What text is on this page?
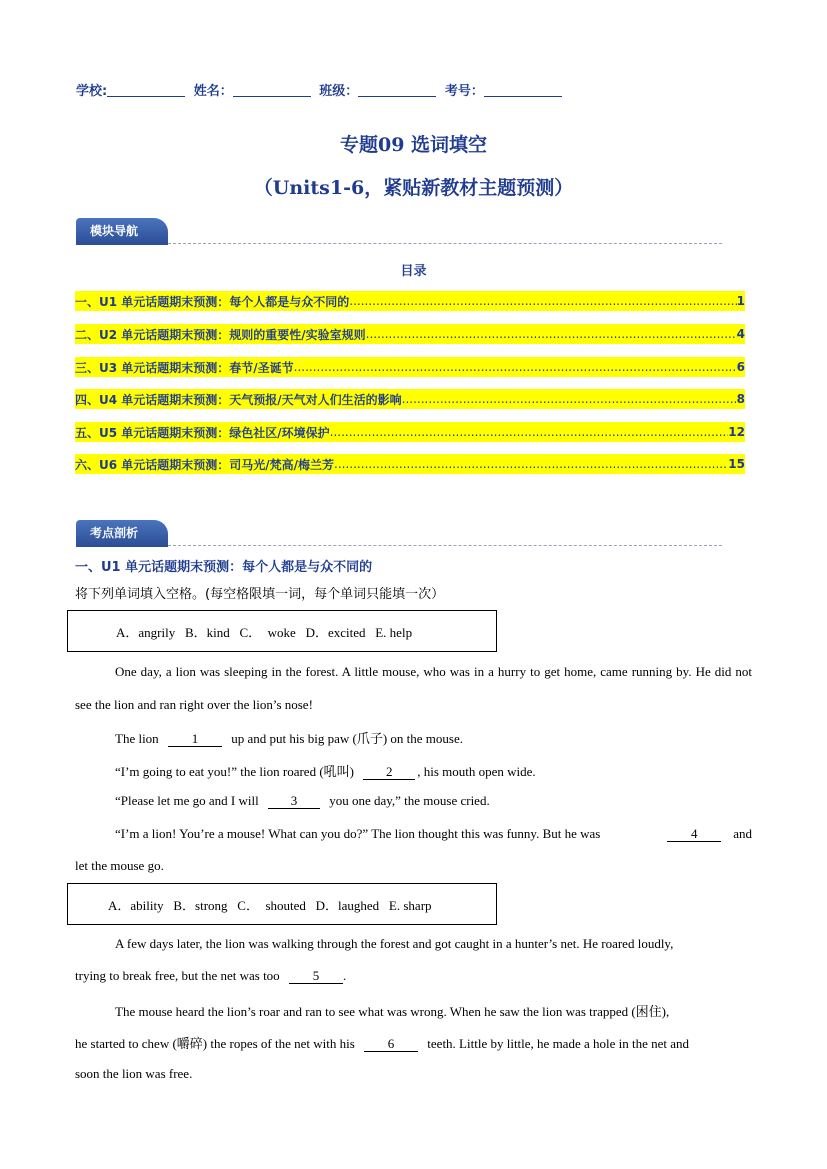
学校:	姓名：	班级：	考号：
专题09 选词填空
（Units1-6，紧贴新教材主题预测）
模块导航
目录
一、U1 单元话题期末预测：每个人都是与众不同的 .....	1
二、U2 单元话题期末预测：规则的重要性/实验室规则 .....	4
三、U3 单元话题期末预测：春节/圣诞节 .....	6
四、U4 单元话题期末预测：天气预报/天气对人们生活的影响 .....	8
五、U5 单元话题期末预测：绿色社区/环境保护 .....	12
六、U6 单元话题期末预测：司马光/梵高/梅兰芳 .....	15
考点剖析
一、U1 单元话题期末预测：每个人都是与众不同的
将下列单词填入空格。(每空格限填一词，每个单词只能填一次）
A．angrily   B．kind   C．  woke   D．excited   E. help
One day, a lion was sleeping in the forest. A little mouse, who was in a hurry to get home, came running by. He did not see the lion and ran right over the lion’s nose!
The lion	1	up and put his big paw (爪子) on the mouse.
“I’m going to eat you!” the lion roared (吼叫) 2 , his mouth open wide.
“Please let me go and I will 3 you one day,” the mouse cried.
“I’m a lion! You’re a mouse! What can you do?” The lion thought this was funny. But he was	4	and
let the mouse go.
A．ability   B．strong   C．  shouted   D．laughed   E. sharp
A few days later, the lion was walking through the forest and got caught in a hunter’s net. He roared loudly,
trying to break free, but the net was too	5 .
The mouse heard the lion’s roar and ran to see what was wrong. When he saw the lion was trapped (困住),
he started to chew (嚼碎) the ropes of the net with his	6	teeth. Little by little, he made a hole in the net and
soon the lion was free.
